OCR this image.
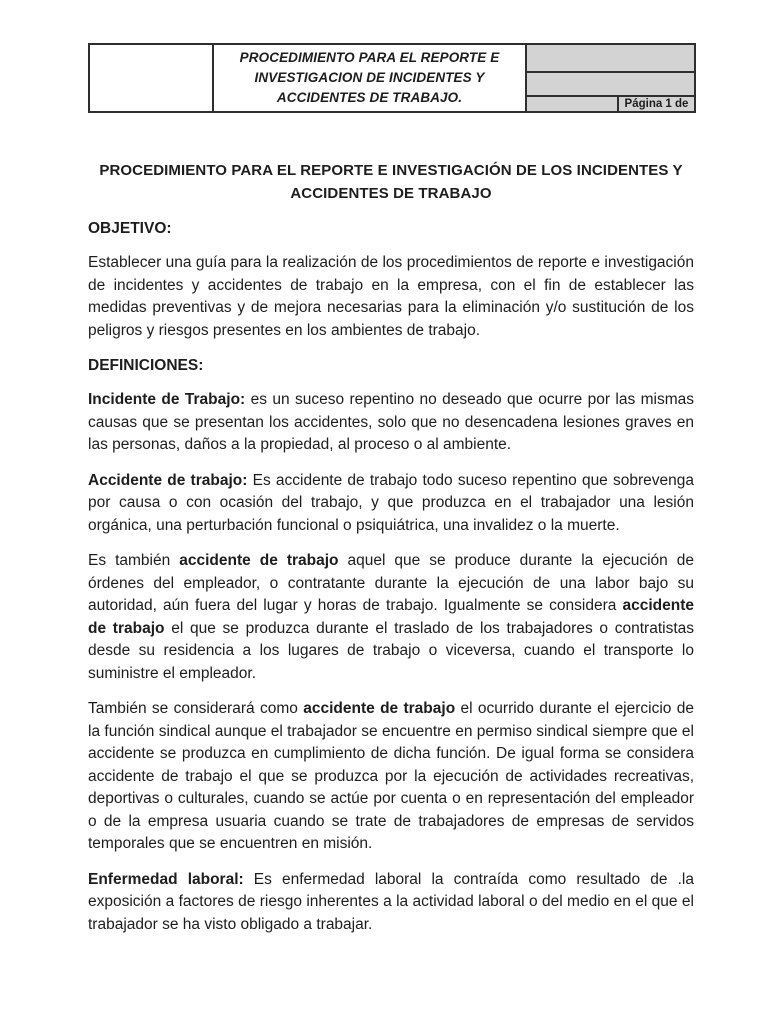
	PROCEDIMIENTO PARA EL REPORTE E INVESTIGACION DE INCIDENTES Y ACCIDENTES DE TRABAJO.		

			Página 1 de
PROCEDIMIENTO PARA EL REPORTE E INVESTIGACIÓN DE LOS INCIDENTES Y ACCIDENTES DE TRABAJO
OBJETIVO:

Establecer una guía para la realización de los procedimientos de reporte e investigación de incidentes y accidentes de trabajo en la empresa, con el fin de establecer las medidas preventivas y de mejora necesarias para la eliminación y/o sustitución de los peligros y riesgos presentes en los ambientes de trabajo.

DEFINICIONES:

Incidente de Trabajo: es un suceso repentino no deseado que ocurre por las mismas causas que se presentan los accidentes, solo que no desencadena lesiones graves en las personas, daños a la propiedad, al proceso o al ambiente.

Accidente de trabajo: Es accidente de trabajo todo suceso repentino que sobrevenga por causa o con ocasión del trabajo, y que produzca en el trabajador una lesión orgánica, una perturbación funcional o psiquiátrica, una invalidez o la muerte.

Es también accidente de trabajo aquel que se produce durante la ejecución de órdenes del empleador, o contratante durante la ejecución de una labor bajo su autoridad, aún fuera del lugar y horas de trabajo. Igualmente se considera accidente de trabajo el que se produzca durante el traslado de los trabajadores o contratistas desde su residencia a los lugares de trabajo o viceversa, cuando el transporte lo suministre el empleador.

También se considerará como accidente de trabajo el ocurrido durante el ejercicio de la función sindical aunque el trabajador se encuentre en permiso sindical siempre que el accidente se produzca en cumplimiento de dicha función. De igual forma se considera accidente de trabajo el que se produzca por la ejecución de actividades recreativas, deportivas o culturales, cuando se actúe por cuenta o en representación del empleador o de la empresa usuaria cuando se trate de trabajadores de empresas de servidos temporales que se encuentren en misión.

Enfermedad laboral: Es enfermedad laboral la contraída como resultado de .la exposición a factores de riesgo inherentes a la actividad laboral o del medio en el que el trabajador se ha visto obligado a trabajar.
